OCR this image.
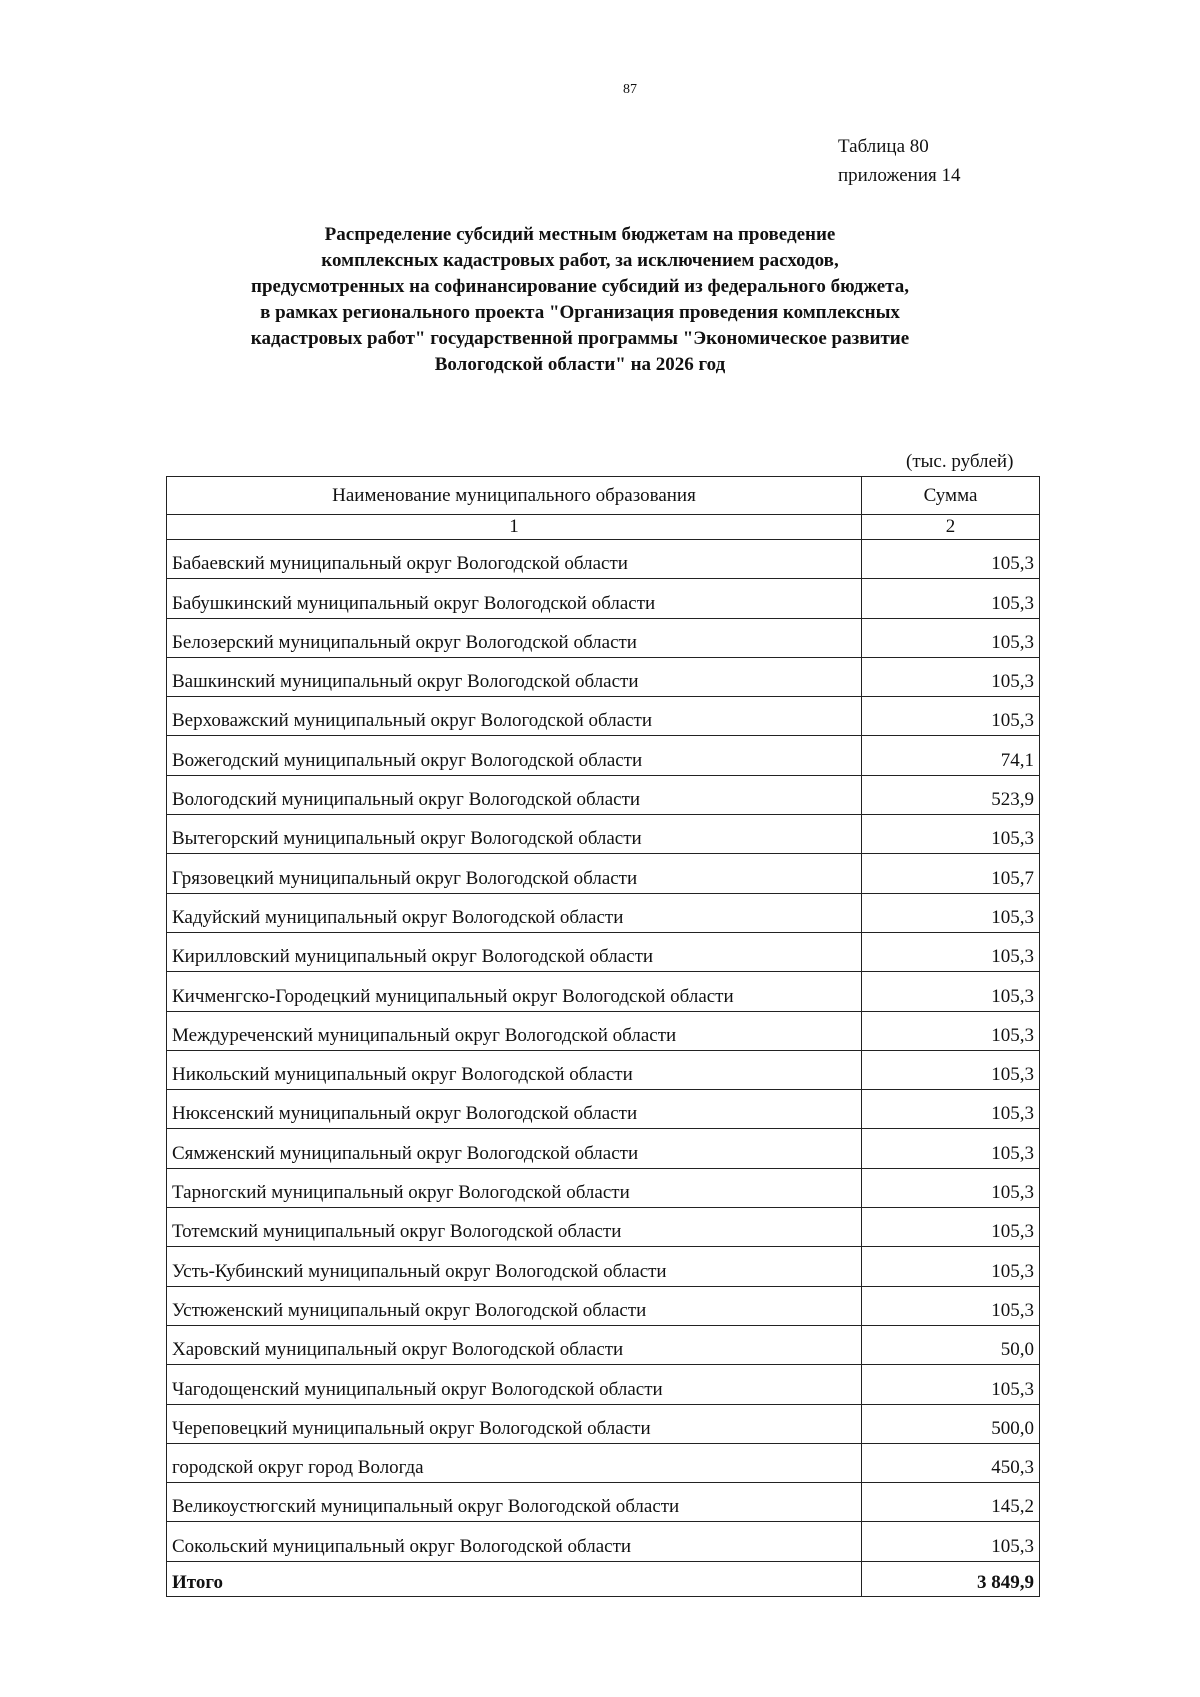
87
Таблица 80
приложения 14
Распределение субсидий местным бюджетам на проведение
комплексных кадастровых работ, за исключением расходов,
предусмотренных на софинансирование субсидий из федерального бюджета,
в рамках регионального проекта "Организация проведения комплексных
кадастровых работ" государственной программы "Экономическое развитие
Вологодской области" на 2026 год
(тыс. рублей)
Наименование муниципального образования	Сумма
1	2
Бабаевский муниципальный округ Вологодской области	105,3
Бабушкинский муниципальный округ Вологодской области	105,3
Белозерский муниципальный округ Вологодской области	105,3
Вашкинский муниципальный округ Вологодской области	105,3
Верховажский муниципальный округ Вологодской области	105,3
Вожегодский муниципальный округ Вологодской области	74,1
Вологодский муниципальный округ Вологодской области	523,9
Вытегорский муниципальный округ Вологодской области	105,3
Грязовецкий муниципальный округ Вологодской области	105,7
Кадуйский муниципальный округ Вологодской области	105,3
Кирилловский муниципальный округ Вологодской области	105,3
Кичменгско-Городецкий муниципальный округ Вологодской области	105,3
Междуреченский муниципальный округ Вологодской области	105,3
Никольский муниципальный округ Вологодской области	105,3
Нюксенский муниципальный округ Вологодской области	105,3
Сямженский муниципальный округ Вологодской области	105,3
Тарногский муниципальный округ Вологодской области	105,3
Тотемский муниципальный округ Вологодской области	105,3
Усть-Кубинский муниципальный округ Вологодской области	105,3
Устюженский муниципальный округ Вологодской области	105,3
Харовский муниципальный округ Вологодской области	50,0
Чагодощенский муниципальный округ Вологодской области	105,3
Череповецкий муниципальный округ Вологодской области	500,0
городской округ город Вологда	450,3
Великоустюгский муниципальный округ Вологодской области	145,2
Сокольский муниципальный округ Вологодской области	105,3
Итого	3 849,9
